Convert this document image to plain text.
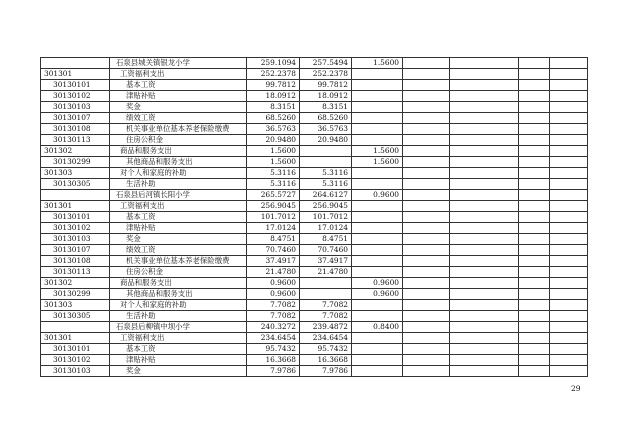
	石泉县城关镇银龙小学	259.1094	257.5494	1.5600				
301301	工资福利支出	252.2378	252.2378					
30130101	基本工资	99.7812	99.7812					
30130102	津贴补贴	18.0912	18.0912					
30130103	奖金	8.3151	8.3151					
30130107	绩效工资	68.5260	68.5260					
30130108	机关事业单位基本养老保险缴费	36.5763	36.5763					
30130113	住房公积金	20.9480	20.9480					
301302	商品和服务支出	1.5600		1.5600				
30130299	其他商品和服务支出	1.5600		1.5600				
301303	对个人和家庭的补助	5.3116	5.3116					
30130305	生活补助	5.3116	5.3116					
	石泉县后河镇长阳小学	265.5727	264.6127	0.9600				
301301	工资福利支出	256.9045	256.9045					
30130101	基本工资	101.7012	101.7012					
30130102	津贴补贴	17.0124	17.0124					
30130103	奖金	8.4751	8.4751					
30130107	绩效工资	70.7460	70.7460					
30130108	机关事业单位基本养老保险缴费	37.4917	37.4917					
30130113	住房公积金	21.4780	21.4780					
301302	商品和服务支出	0.9600		0.9600				
30130299	其他商品和服务支出	0.9600		0.9600				
301303	对个人和家庭的补助	7.7082	7.7082					
30130305	生活补助	7.7082	7.7082					
	石泉县后柳镇中坝小学	240.3272	239.4872	0.8400				
301301	工资福利支出	234.6454	234.6454					
30130101	基本工资	95.7432	95.7432					
30130102	津贴补贴	16.3668	16.3668					
30130103	奖金	7.9786	7.9786					
29
